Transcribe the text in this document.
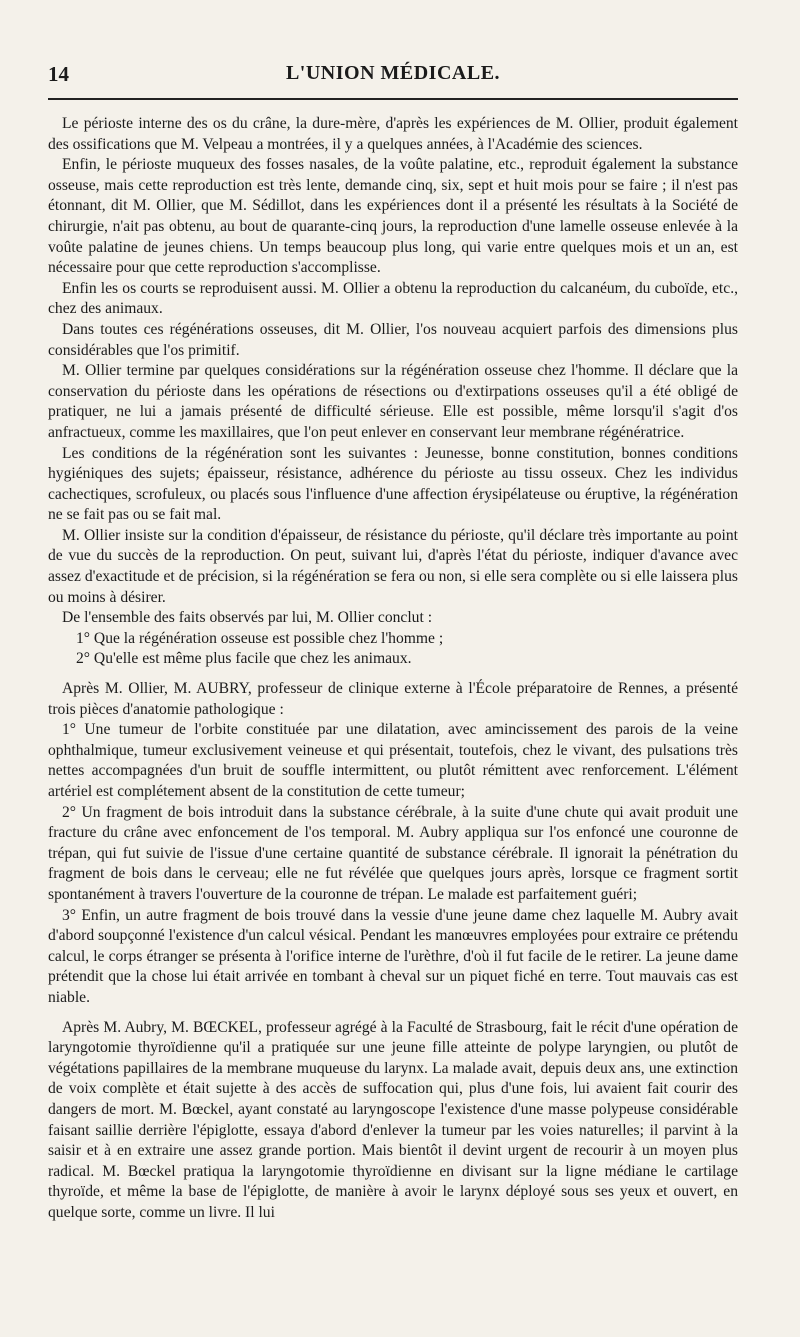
14	L'UNION MÉDICALE.

Le périoste interne des os du crâne, la dure-mère, d'après les expériences de M. Ollier, produit également des ossifications que M. Velpeau a montrées, il y a quelques années, à l'Académie des sciences.

Enfin, le périoste muqueux des fosses nasales, de la voûte palatine, etc., reproduit également la substance osseuse, mais cette reproduction est très lente, demande cinq, six, sept et huit mois pour se faire ; il n'est pas étonnant, dit M. Ollier, que M. Sédillot, dans les expériences dont il a présenté les résultats à la Société de chirurgie, n'ait pas obtenu, au bout de quarante-cinq jours, la reproduction d'une lamelle osseuse enlevée à la voûte palatine de jeunes chiens. Un temps beaucoup plus long, qui varie entre quelques mois et un an, est nécessaire pour que cette reproduction s'accomplisse.

Enfin les os courts se reproduisent aussi. M. Ollier a obtenu la reproduction du calcanéum, du cuboïde, etc., chez des animaux.

Dans toutes ces régénérations osseuses, dit M. Ollier, l'os nouveau acquiert parfois des dimensions plus considérables que l'os primitif.

M. Ollier termine par quelques considérations sur la régénération osseuse chez l'homme. Il déclare que la conservation du périoste dans les opérations de résections ou d'extirpations osseuses qu'il a été obligé de pratiquer, ne lui a jamais présenté de difficulté sérieuse. Elle est possible, même lorsqu'il s'agit d'os anfractueux, comme les maxillaires, que l'on peut enlever en conservant leur membrane régénératrice.

Les conditions de la régénération sont les suivantes : Jeunesse, bonne constitution, bonnes conditions hygiéniques des sujets; épaisseur, résistance, adhérence du périoste au tissu osseux. Chez les individus cachectiques, scrofuleux, ou placés sous l'influence d'une affection érysipélateuse ou éruptive, la régénération ne se fait pas ou se fait mal.

M. Ollier insiste sur la condition d'épaisseur, de résistance du périoste, qu'il déclare très importante au point de vue du succès de la reproduction. On peut, suivant lui, d'après l'état du périoste, indiquer d'avance avec assez d'exactitude et de précision, si la régénération se fera ou non, si elle sera complète ou si elle laissera plus ou moins à désirer.

De l'ensemble des faits observés par lui, M. Ollier conclut :

1° Que la régénération osseuse est possible chez l'homme ;

2° Qu'elle est même plus facile que chez les animaux.

Après M. Ollier, M. AUBRY, professeur de clinique externe à l'École préparatoire de Rennes, a présenté trois pièces d'anatomie pathologique :

1° Une tumeur de l'orbite constituée par une dilatation, avec amincissement des parois de la veine ophthalmique, tumeur exclusivement veineuse et qui présentait, toutefois, chez le vivant, des pulsations très nettes accompagnées d'un bruit de souffle intermittent, ou plutôt rémittent avec renforcement. L'élément artériel est complétement absent de la constitution de cette tumeur;

2° Un fragment de bois introduit dans la substance cérébrale, à la suite d'une chute qui avait produit une fracture du crâne avec enfoncement de l'os temporal. M. Aubry appliqua sur l'os enfoncé une couronne de trépan, qui fut suivie de l'issue d'une certaine quantité de substance cérébrale. Il ignorait la pénétration du fragment de bois dans le cerveau; elle ne fut révélée que quelques jours après, lorsque ce fragment sortit spontanément à travers l'ouverture de la couronne de trépan. Le malade est parfaitement guéri;

3° Enfin, un autre fragment de bois trouvé dans la vessie d'une jeune dame chez laquelle M. Aubry avait d'abord soupçonné l'existence d'un calcul vésical. Pendant les manœuvres employées pour extraire ce prétendu calcul, le corps étranger se présenta à l'orifice interne de l'urèthre, d'où il fut facile de le retirer. La jeune dame prétendit que la chose lui était arrivée en tombant à cheval sur un piquet fiché en terre. Tout mauvais cas est niable.

Après M. Aubry, M. BŒCKEL, professeur agrégé à la Faculté de Strasbourg, fait le récit d'une opération de laryngotomie thyroïdienne qu'il a pratiquée sur une jeune fille atteinte de polype laryngien, ou plutôt de végétations papillaires de la membrane muqueuse du larynx. La malade avait, depuis deux ans, une extinction de voix complète et était sujette à des accès de suffocation qui, plus d'une fois, lui avaient fait courir des dangers de mort. M. Bœckel, ayant constaté au laryngoscope l'existence d'une masse polypeuse considérable faisant saillie derrière l'épiglotte, essaya d'abord d'enlever la tumeur par les voies naturelles; il parvint à la saisir et à en extraire une assez grande portion. Mais bientôt il devint urgent de recourir à un moyen plus radical. M. Bœckel pratiqua la laryngotomie thyroïdienne en divisant sur la ligne médiane le cartilage thyroïde, et même la base de l'épiglotte, de manière à avoir le larynx déployé sous ses yeux et ouvert, en quelque sorte, comme un livre. Il lui
